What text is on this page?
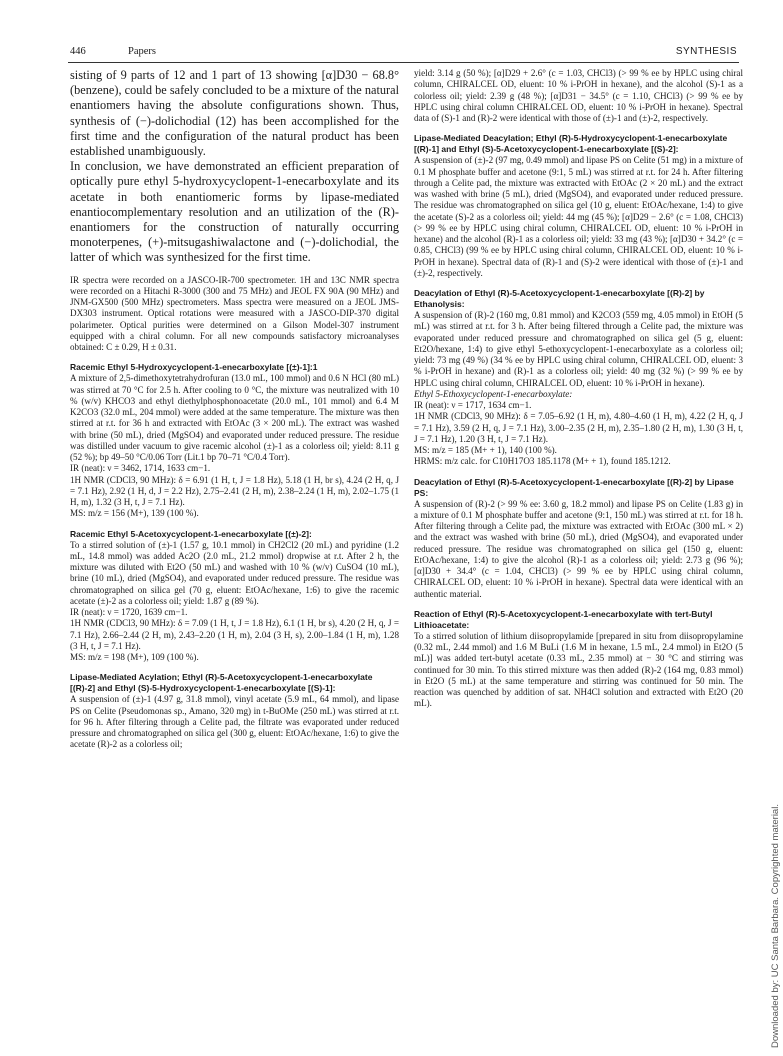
446	Papers	SYNTHESIS

sisting of 9 parts of 12 and 1 part of 13 showing [α]D30 − 68.8° (benzene), could be safely concluded to be a mixture of the natural enantiomers having the absolute configurations shown. Thus, synthesis of (−)-dolichodial (12) has been accomplished for the first time and the configuration of the natural product has been established unambiguously.

In conclusion, we have demonstrated an efficient preparation of optically pure ethyl 5-hydroxycyclopent-1-enecarboxylate and its acetate in both enantiomeric forms by lipase-mediated enantiocomplementary resolution and an utilization of the (R)-enantiomers for the construction of naturally occurring monoterpenes, (+)-mitsugashiwalactone and (−)-dolichodial, the latter of which was synthesized for the first time.

IR spectra were recorded on a JASCO-IR-700 spectrometer. 1H and 13C NMR spectra were recorded on a Hitachi R-3000 (300 and 75 MHz) and JEOL FX 90A (90 MHz) and JNM-GX500 (500 MHz) spectrometers. Mass spectra were measured on a JEOL JMS-DX303 instrument. Optical rotations were measured with a JASCO-DIP-370 digital polarimeter. Optical purities were determined on a Gilson Model-307 instrument equipped with a chiral column. For all new compounds satisfactory microanalyses obtained: C ± 0.29, H ± 0.31.

Racemic Ethyl 5-Hydroxycyclopent-1-enecarboxylate [(±)-1]:1

A mixture of 2,5-dimethoxytetrahydrofuran (13.0 mL, 100 mmol) and 0.6 N HCl (80 mL) was stirred at 70 °C for 2.5 h. After cooling to 0 °C, the mixture was neutralized with 10 % (w/v) KHCO3 and ethyl diethylphosphonoacetate (20.0 mL, 101 mmol) and 6.4 M K2CO3 (32.0 mL, 204 mmol) were added at the same temperature. The mixture was then stirred at r.t. for 36 h and extracted with EtOAc (3 × 200 mL). The extract was washed with brine (50 mL), dried (MgSO4) and evaporated under reduced pressure. The residue was distilled under vacuum to give racemic alcohol (±)-1 as a colorless oil; yield: 8.11 g (52 %); bp 49–50 °C/0.06 Torr (Lit.1 bp 70–71 °C/0.4 Torr).

IR (neat): ν = 3462, 1714, 1633 cm−1.

1H NMR (CDCl3, 90 MHz): δ = 6.91 (1 H, t, J = 1.8 Hz), 5.18 (1 H, br s), 4.24 (2 H, q, J = 7.1 Hz), 2.92 (1 H, d, J = 2.2 Hz), 2.75–2.41 (2 H, m), 2.38–2.24 (1 H, m), 2.02–1.75 (1 H, m), 1.32 (3 H, t, J = 7.1 Hz).

MS: m/z = 156 (M+), 139 (100 %).

Racemic Ethyl 5-Acetoxycyclopent-1-enecarboxylate [(±)-2]:

To a stirred solution of (±)-1 (1.57 g, 10.1 mmol) in CH2Cl2 (20 mL) and pyridine (1.2 mL, 14.8 mmol) was added Ac2O (2.0 mL, 21.2 mmol) dropwise at r.t. After 2 h, the mixture was diluted with Et2O (50 mL) and washed with 10 % (w/v) CuSO4 (10 mL), brine (10 mL), dried (MgSO4), and evaporated under reduced pressure. The residue was chromatographed on silica gel (70 g, eluent: EtOAc/hexane, 1:6) to give the racemic acetate (±)-2 as a colorless oil; yield: 1.87 g (89 %).

IR (neat): ν = 1720, 1639 cm−1.

1H NMR (CDCl3, 90 MHz): δ = 7.09 (1 H, t, J = 1.8 Hz), 6.1 (1 H, br s), 4.20 (2 H, q, J = 7.1 Hz), 2.66–2.44 (2 H, m), 2.43–2.20 (1 H, m), 2.04 (3 H, s), 2.00–1.84 (1 H, m), 1.28 (3 H, t, J = 7.1 Hz).

MS: m/z = 198 (M+), 109 (100 %).

Lipase-Mediated Acylation; Ethyl (R)-5-Acetoxycyclopent-1-enecarboxylate [(R)-2] and Ethyl (S)-5-Hydroxycyclopent-1-enecarboxylate [(S)-1]:

A suspension of (±)-1 (4.97 g, 31.8 mmol), vinyl acetate (5.9 mL, 64 mmol), and lipase PS on Celite (Pseudomonas sp., Amano, 320 mg) in t-BuOMe (250 mL) was stirred at r.t. for 96 h. After filtering through a Celite pad, the filtrate was evaporated under reduced pressure and chromatographed on silica gel (300 g, eluent: EtOAc/hexane, 1:6) to give the acetate (R)-2 as a colorless oil;

yield: 3.14 g (50 %); [α]D29 + 2.6° (c = 1.03, CHCl3) (> 99 % ee by HPLC using chiral column, CHIRALCEL OD, eluent: 10 % i-PrOH in hexane), and the alcohol (S)-1 as a colorless oil; yield: 2.39 g (48 %); [α]D31 − 34.5° (c = 1.10, CHCl3) (> 99 % ee by HPLC using chiral column CHIRALCEL OD, eluent: 10 % i-PrOH in hexane). Spectral data of (S)-1 and (R)-2 were identical with those of (±)-1 and (±)-2, respectively.

Lipase-Mediated Deacylation; Ethyl (R)-5-Hydroxycyclopent-1-enecarboxylate [(R)-1] and Ethyl (S)-5-Acetoxycyclopent-1-enecarboxylate [(S)-2]:

A suspension of (±)-2 (97 mg, 0.49 mmol) and lipase PS on Celite (51 mg) in a mixture of 0.1 M phosphate buffer and acetone (9:1, 5 mL) was stirred at r.t. for 24 h. After filtering through a Celite pad, the mixture was extracted with EtOAc (2 × 20 mL) and the extract was washed with brine (5 mL), dried (MgSO4), and evaporated under reduced pressure. The residue was chromatographed on silica gel (10 g, eluent: EtOAc/hexane, 1:4) to give the acetate (S)-2 as a colorless oil; yield: 44 mg (45 %); [α]D29 − 2.6° (c = 1.08, CHCl3) (> 99 % ee by HPLC using chiral column, CHIRALCEL OD, eluent: 10 % i-PrOH in hexane) and the alcohol (R)-1 as a colorless oil; yield: 33 mg (43 %); [α]D30 + 34.2° (c = 0.85, CHCl3) (99 % ee by HPLC using chiral column, CHIRALCEL OD, eluent: 10 % i-PrOH in hexane). Spectral data of (R)-1 and (S)-2 were identical with those of (±)-1 and (±)-2, respectively.

Deacylation of Ethyl (R)-5-Acetoxycyclopent-1-enecarboxylate [(R)-2] by Ethanolysis:

A suspension of (R)-2 (160 mg, 0.81 mmol) and K2CO3 (559 mg, 4.05 mmol) in EtOH (5 mL) was stirred at r.t. for 3 h. After being filtered through a Celite pad, the mixture was evaporated under reduced pressure and chromatographed on silica gel (5 g, eluent: Et2O/hexane, 1:4) to give ethyl 5-ethoxycyclopent-1-enecarboxylate as a colorless oil; yield: 73 mg (49 %) (34 % ee by HPLC using chiral column, CHIRALCEL OD, eluent: 3 % i-PrOH in hexane) and (R)-1 as a colorless oil; yield: 40 mg (32 %) (> 99 % ee by HPLC using chiral column, CHIRALCEL OD, eluent: 10 % i-PrOH in hexane).

Ethyl 5-Ethoxycyclopent-1-enecarboxylate:

IR (neat): ν = 1717, 1634 cm−1.

1H NMR (CDCl3, 90 MHz): δ = 7.05–6.92 (1 H, m), 4.80–4.60 (1 H, m), 4.22 (2 H, q, J = 7.1 Hz), 3.59 (2 H, q, J = 7.1 Hz), 3.00–2.35 (2 H, m), 2.35–1.80 (2 H, m), 1.30 (3 H, t, J = 7.1 Hz), 1.20 (3 H, t, J = 7.1 Hz).

MS: m/z = 185 (M+ + 1), 140 (100 %).

HRMS: m/z calc. for C10H17O3 185.1178 (M+ + 1), found 185.1212.

Deacylation of Ethyl (R)-5-Acetoxycyclopent-1-enecarboxylate [(R)-2] by Lipase PS:

A suspension of (R)-2 (> 99 % ee: 3.60 g, 18.2 mmol) and lipase PS on Celite (1.83 g) in a mixture of 0.1 M phosphate buffer and acetone (9:1, 150 mL) was stirred at r.t. for 18 h. After filtering through a Celite pad, the mixture was extracted with EtOAc (300 mL × 2) and the extract was washed with brine (50 mL), dried (MgSO4), and evaporated under reduced pressure. The residue was chromatographed on silica gel (150 g, eluent: EtOAc/hexane, 1:4) to give the alcohol (R)-1 as a colorless oil; yield: 2.73 g (96 %); [α]D30 + 34.4° (c = 1.04, CHCl3) (> 99 % ee by HPLC using chiral column, CHIRALCEL OD, eluent: 10 % i-PrOH in hexane). Spectral data were identical with an authentic material.

Reaction of Ethyl (R)-5-Acetoxycyclopent-1-enecarboxylate with tert-Butyl Lithioacetate:

To a stirred solution of lithium diisopropylamide [prepared in situ from diisopropylamine (0.32 mL, 2.44 mmol) and 1.6 M BuLi (1.6 M in hexane, 1.5 mL, 2.4 mmol) in Et2O (5 mL)] was added tert-butyl acetate (0.33 mL, 2.35 mmol) at − 30 °C and stirring was continued for 30 min. To this stirred mixture was then added (R)-2 (164 mg, 0.83 mmol) in Et2O (5 mL) at the same temperature and stirring was continued for 50 min. The reaction was quenched by addition of sat. NH4Cl solution and extracted with Et2O (20 mL).

Downloaded by: UC Santa Barbara. Copyrighted material.
